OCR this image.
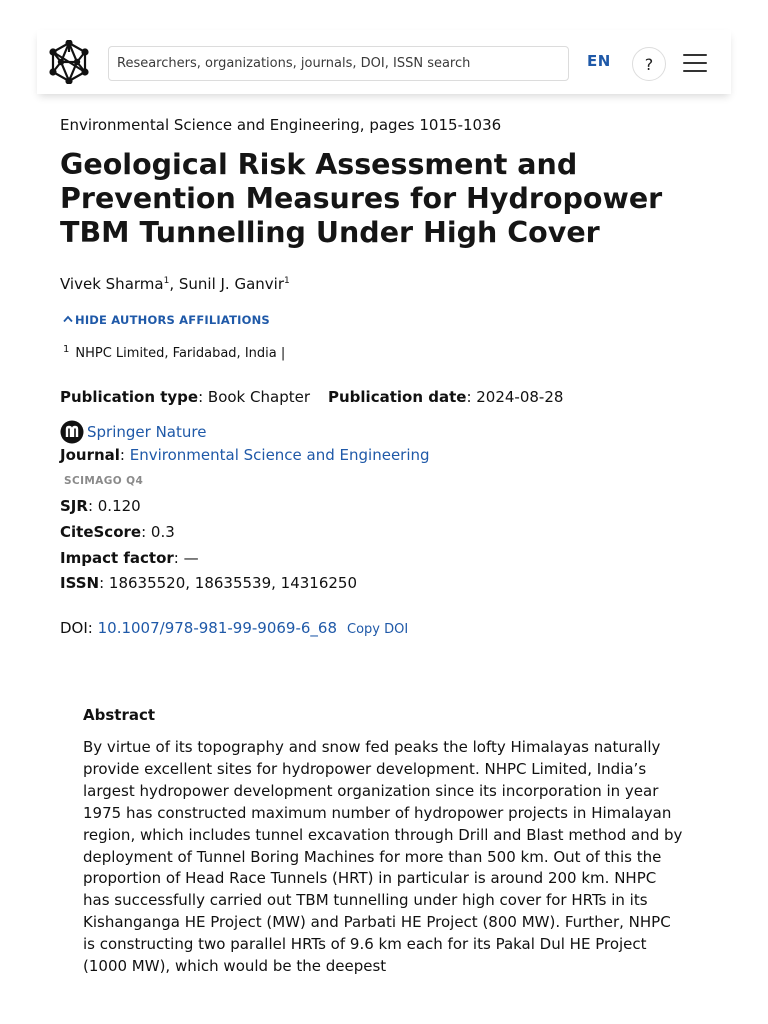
Researchers, organizations, journals, DOI, ISSN search
EN ?
Environmental Science and Engineering, pages 1015-1036
Geological Risk Assessment and Prevention Measures for Hydropower TBM Tunnelling Under High Cover
Vivek Sharma$^1$, Sunil J. Ganvir$^1$
HIDE AUTHORS AFFILIATIONS
$^1$ NHPC Limited, Faridabad, India |
Publication type: Book Chapter Publication date: 2024-08-28
Springer Nature
Journal: Environmental Science and Engineering
SCIMAGO Q4
SJR: 0.120
CiteScore: 0.3
Impact factor: —
ISSN: 18635520, 18635539, 14316250
DOI: 10.1007/978-981-99-9069-6_68 Copy DOI
Abstract

By virtue of its topography and snow fed peaks the lofty Himalayas naturally provide excellent sites for hydropower development. NHPC Limited, India’s largest hydropower development organization since its incorporation in year 1975 has constructed maximum number of hydropower projects in Himalayan region, which includes tunnel excavation through Drill and Blast method and by deployment of Tunnel Boring Machines for more than 500 km. Out of this the proportion of Head Race Tunnels (HRT) in particular is around 200 km. NHPC has successfully carried out TBM tunnelling under high cover for HRTs in its Kishanganga HE Project (MW) and Parbati HE Project (800 MW). Further, NHPC is constructing two parallel HRTs of 9.6 km each for its Pakal Dul HE Project (1000 MW), which would be the deepest
